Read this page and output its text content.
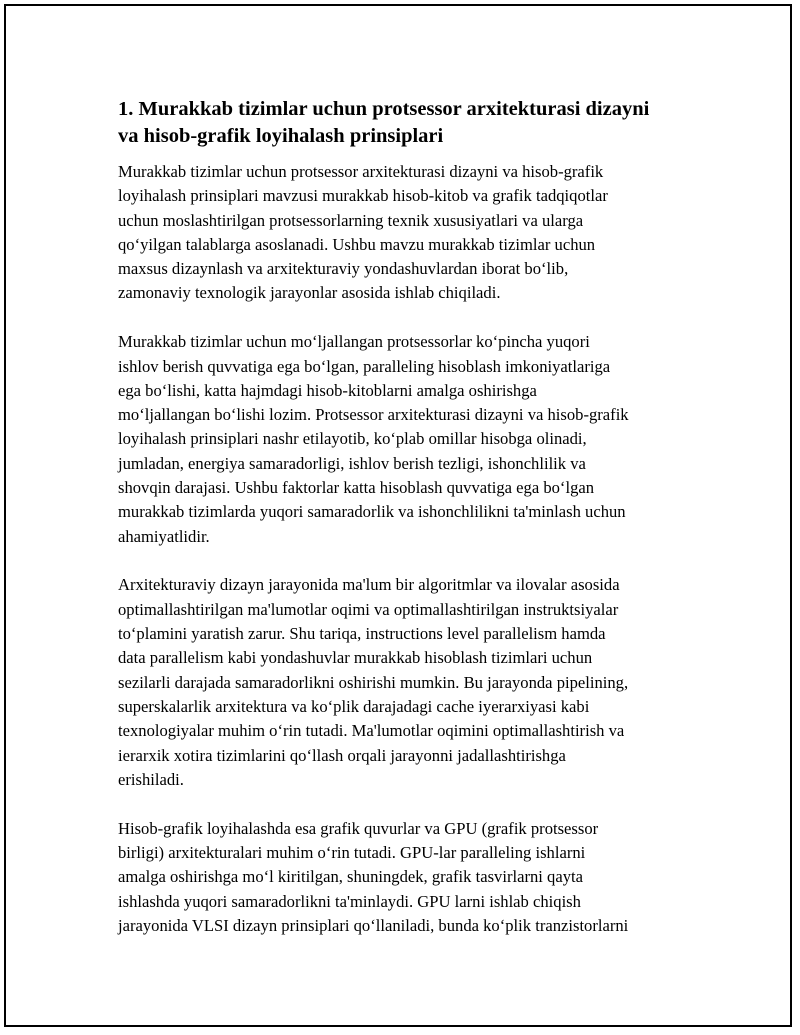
1. Murakkab tizimlar uchun protsessor arxitekturasi dizayni
va hisob-grafik loyihalash prinsiplari
Murakkab tizimlar uchun protsessor arxitekturasi dizayni va hisob-grafik
loyihalash prinsiplari mavzusi murakkab hisob-kitob va grafik tadqiqotlar
uchun moslashtirilgan protsessorlarning texnik xususiyatlari va ularga
qoʻyilgan talablarga asoslanadi. Ushbu mavzu murakkab tizimlar uchun
maxsus dizaynlash va arxitekturaviy yondashuvlardan iborat boʻlib,
zamonaviy texnologik jarayonlar asosida ishlab chiqiladi.
Murakkab tizimlar uchun moʻljallangan protsessorlar koʻpincha yuqori
ishlov berish quvvatiga ega boʻlgan, paralleling hisoblash imkoniyatlariga
ega boʻlishi, katta hajmdagi hisob-kitoblarni amalga oshirishga
moʻljallangan boʻlishi lozim. Protsessor arxitekturasi dizayni va hisob-grafik
loyihalash prinsiplari nashr etilayotib, koʻplab omillar hisobga olinadi,
jumladan, energiya samaradorligi, ishlov berish tezligi, ishonchlilik va
shovqin darajasi. Ushbu faktorlar katta hisoblash quvvatiga ega boʻlgan
murakkab tizimlarda yuqori samaradorlik va ishonchlilikni ta'minlash uchun
ahamiyatlidir.
Arxitekturaviy dizayn jarayonida ma'lum bir algoritmlar va ilovalar asosida
optimallashtirilgan ma'lumotlar oqimi va optimallashtirilgan instruktsiyalar
toʻplamini yaratish zarur. Shu tariqa, instructions level parallelism hamda
data parallelism kabi yondashuvlar murakkab hisoblash tizimlari uchun
sezilarli darajada samaradorlikni oshirishi mumkin. Bu jarayonda pipelining,
superskalarlik arxitektura va koʻplik darajadagi cache iyerarxiyasi kabi
texnologiyalar muhim oʻrin tutadi. Ma'lumotlar oqimini optimallashtirish va
ierarxik xotira tizimlarini qoʻllash orqali jarayonni jadallashtirishga
erishiladi.
Hisob-grafik loyihalashda esa grafik quvurlar va GPU (grafik protsessor
birligi) arxitekturalari muhim oʻrin tutadi. GPU-lar paralleling ishlarni
amalga oshirishga moʻl kiritilgan, shuningdek, grafik tasvirlarni qayta
ishlashda yuqori samaradorlikni ta'minlaydi. GPU larni ishlab chiqish
jarayonida VLSI dizayn prinsiplari qoʻllaniladi, bunda koʻplik tranzistorlarni
